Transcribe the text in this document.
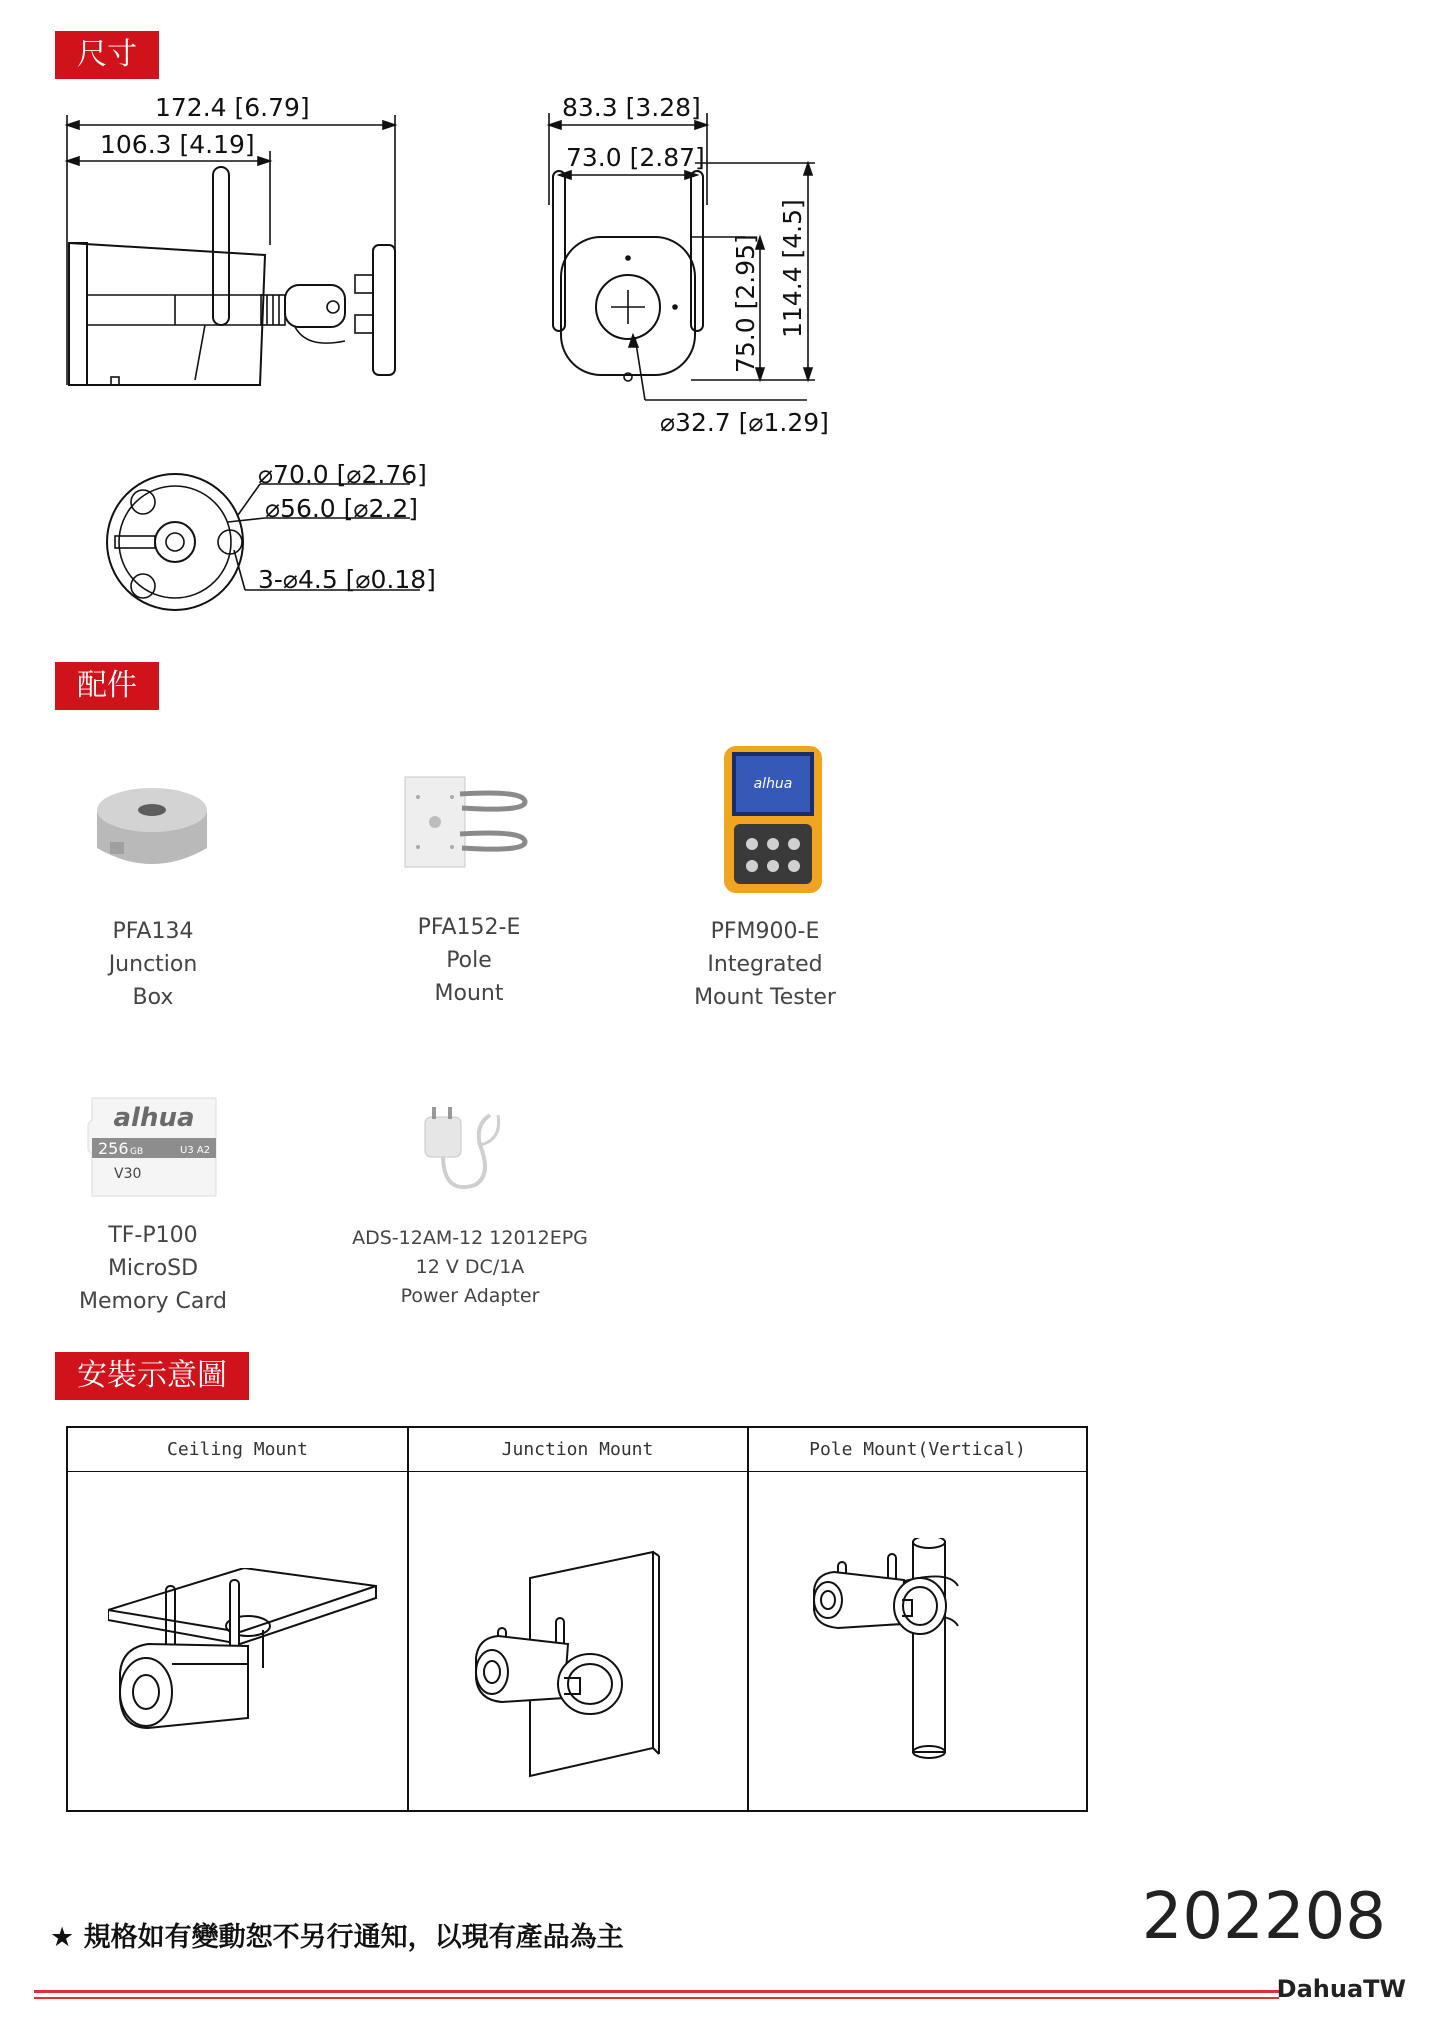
尺寸
172.4 [6.79]
106.3 [4.19]
83.3 [3.28]
73.0 [2.87]
75.0 [2.95] 114.4 [4.5]
⌀32.7 [⌀1.29]
⌀70.0 [⌀2.76]
⌀56.0 [⌀2.2]
3-⌀4.5 [⌀0.18]
配件
alhua
alhua
256 GB	U3 A2
V30
PFA134
Junction
Box
PFA152-E
Pole
Mount
PFM900-E
Integrated
Mount Tester
TF-P100
MicroSD
Memory Card
ADS-12AM-12 12012EPG
12 V DC/1A
Power Adapter
安裝示意圖
Ceiling Mount	Junction Mount	Pole Mount(Vertical)
★ 規格如有變動恕不另行通知，以現有產品為主	202208
DahuaTW
